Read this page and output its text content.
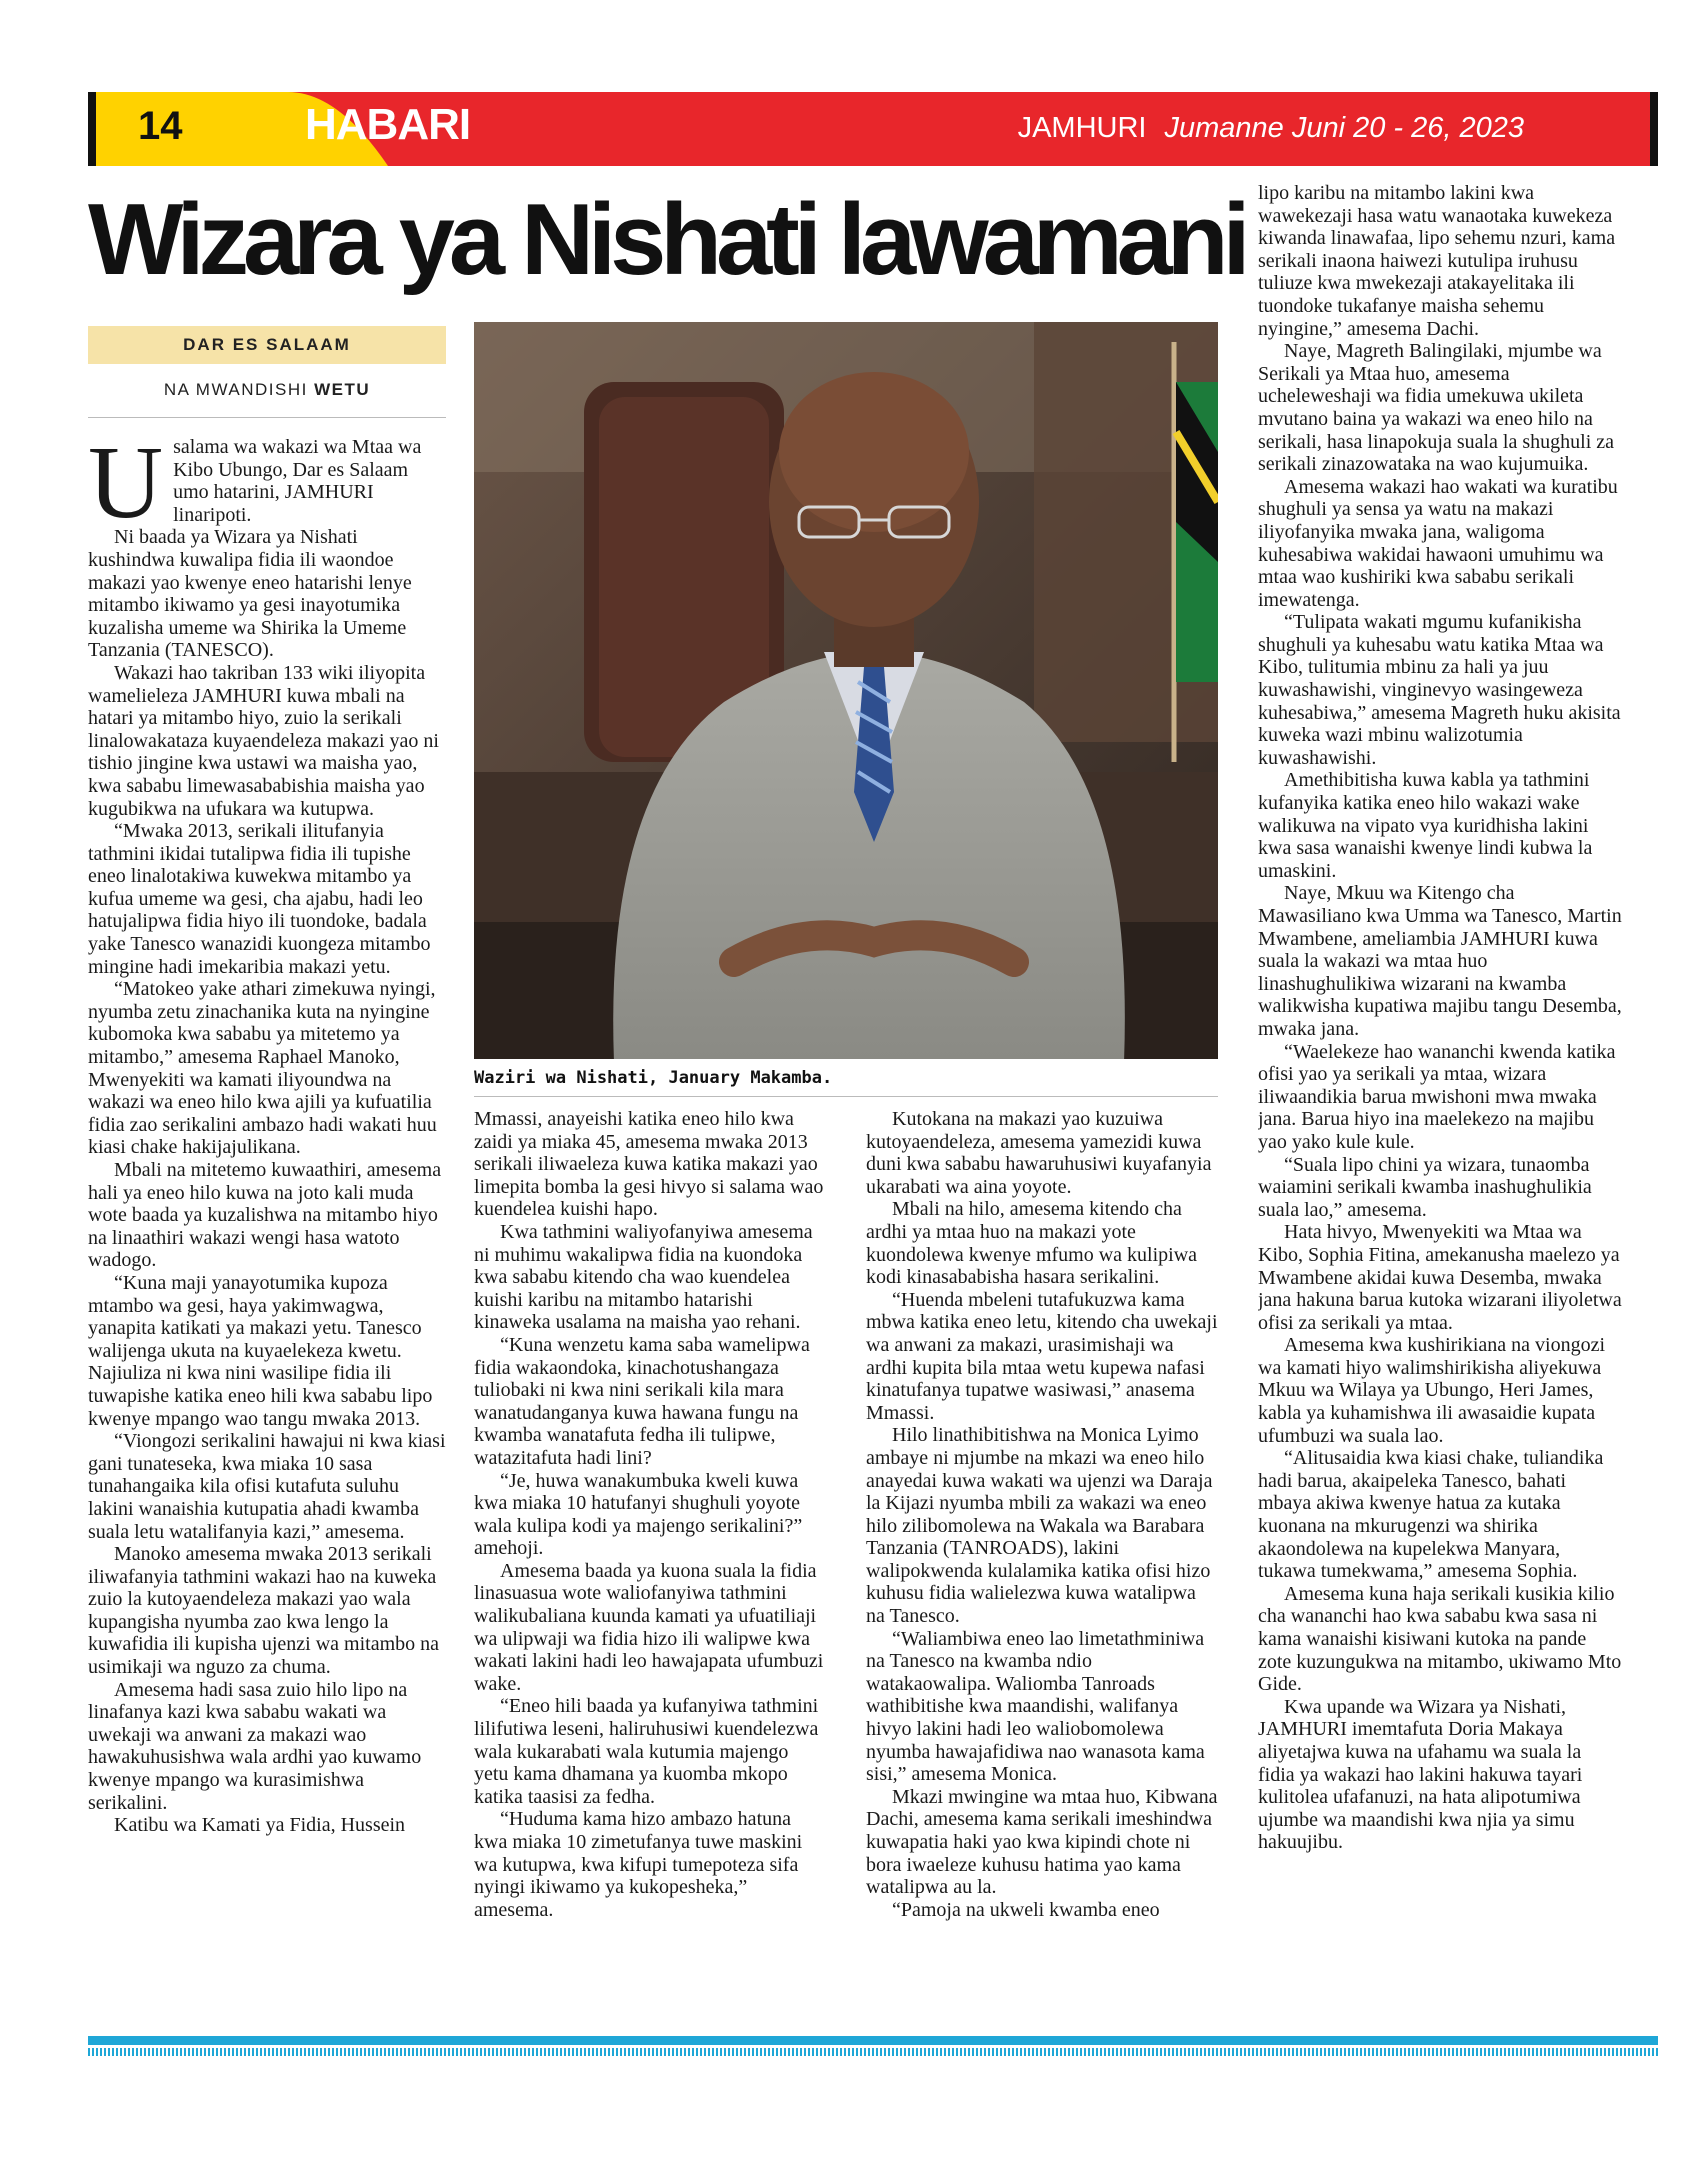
14	HABARI	JAMHURI Jumanne Juni 20 - 26, 2023
Wizara ya Nishati lawamani
DAR ES SALAAM
NA MWANDISHI WETU
U salama wa wakazi wa Mtaa wa Kibo Ubungo, Dar es Salaam umo hatarini, JAMHURI linaripoti.

Ni baada ya Wizara ya Nishati kushindwa kuwalipa fidia ili waondoe makazi yao kwenye eneo hatarishi lenye mitambo ikiwamo ya gesi inayotumika kuzalisha umeme wa Shirika la Umeme Tanzania (TANESCO).

Wakazi hao takriban 133 wiki iliyopita wamelieleza JAMHURI kuwa mbali na hatari ya mitambo hiyo, zuio la serikali linalowakataza kuyaendeleza makazi yao ni tishio jingine kwa ustawi wa maisha yao, kwa sababu limewasababishia maisha yao kugubikwa na ufukara wa kutupwa.

“Mwaka 2013, serikali ilitufanyia tathmini ikidai tutalipwa fidia ili tupishe eneo linalotakiwa kuwekwa mitambo ya kufua umeme wa gesi, cha ajabu, hadi leo hatujalipwa fidia hiyo ili tuondoke, badala yake Tanesco wanazidi kuongeza mitambo mingine hadi imekaribia makazi yetu.

“Matokeo yake athari zimekuwa nyingi, nyumba zetu zinachanika kuta na nyingine kubomoka kwa sababu ya mitetemo ya mitambo,” amesema Raphael Manoko, Mwenyekiti wa kamati iliyoundwa na wakazi wa eneo hilo kwa ajili ya kufuatilia fidia zao serikalini ambazo hadi wakati huu kiasi chake hakijajulikana.

Mbali na mitetemo kuwaathiri, amesema hali ya eneo hilo kuwa na joto kali muda wote baada ya kuzalishwa na mitambo hiyo na linaathiri wakazi wengi hasa watoto wadogo.

“Kuna maji yanayotumika kupoza mtambo wa gesi, haya yakimwagwa, yanapita katikati ya makazi yetu. Tanesco walijenga ukuta na kuyaelekeza kwetu. Najiuliza ni kwa nini wasilipe fidia ili tuwapishe katika eneo hili kwa sababu lipo kwenye mpango wao tangu mwaka 2013.

“Viongozi serikalini hawajui ni kwa kiasi gani tunateseka, kwa miaka 10 sasa tunahangaika kila ofisi kutafuta suluhu lakini wanaishia kutupatia ahadi kwamba suala letu watalifanyia kazi,” amesema.

Manoko amesema mwaka 2013 serikali iliwafanyia tathmini wakazi hao na kuweka zuio la kutoyaendeleza makazi yao wala kupangisha nyumba zao kwa lengo la kuwafidia ili kupisha ujenzi wa mitambo na usimikaji wa nguzo za chuma.

Amesema hadi sasa zuio hilo lipo na linafanya kazi kwa sababu wakati wa uwekaji wa anwani za makazi wao hawakuhusishwa wala ardhi yao kuwamo kwenye mpango wa kurasimishwa serikalini.

Katibu wa Kamati ya Fidia, Hussein

Waziri wa Nishati, January Makamba.

Mmassi, anayeishi katika eneo hilo kwa zaidi ya miaka 45, amesema mwaka 2013 serikali iliwaeleza kuwa katika makazi yao limepita bomba la gesi hivyo si salama wao kuendelea kuishi hapo.

Kwa tathmini waliyofanyiwa amesema ni muhimu wakalipwa fidia na kuondoka kwa sababu kitendo cha wao kuendelea kuishi karibu na mitambo hatarishi kinaweka usalama na maisha yao rehani.

“Kuna wenzetu kama saba wamelipwa fidia wakaondoka, kinachotushangaza tuliobaki ni kwa nini serikali kila mara wanatudanganya kuwa hawana fungu na kwamba wanatafuta fedha ili tulipwe, watazitafuta hadi lini?

“Je, huwa wanakumbuka kweli kuwa kwa miaka 10 hatufanyi shughuli yoyote wala kulipa kodi ya majengo serikalini?” amehoji.

Amesema baada ya kuona suala la fidia linasuasua wote waliofanyiwa tathmini walikubaliana kuunda kamati ya ufuatiliaji wa ulipwaji wa fidia hizo ili walipwe kwa wakati lakini hadi leo hawajapata ufumbuzi wake.

“Eneo hili baada ya kufanyiwa tathmini lilifutiwa leseni, haliruhusiwi kuendelezwa wala kukarabati wala kutumia majengo yetu kama dhamana ya kuomba mkopo katika taasisi za fedha.

“Huduma kama hizo ambazo hatuna kwa miaka 10 zimetufanya tuwe maskini wa kutupwa, kwa kifupi tumepoteza sifa nyingi ikiwamo ya kukopesheka,” amesema.

Kutokana na makazi yao kuzuiwa kutoyaendeleza, amesema yamezidi kuwa duni kwa sababu hawaruhusiwi kuyafanyia ukarabati wa aina yoyote.

Mbali na hilo, amesema kitendo cha ardhi ya mtaa huo na makazi yote kuondolewa kwenye mfumo wa kulipiwa kodi kinasababisha hasara serikalini.

“Huenda mbeleni tutafukuzwa kama mbwa katika eneo letu, kitendo cha uwekaji wa anwani za makazi, urasimishaji wa ardhi kupita bila mtaa wetu kupewa nafasi kinatufanya tupatwe wasiwasi,” anasema Mmassi.

Hilo linathibitishwa na Monica Lyimo ambaye ni mjumbe na mkazi wa eneo hilo anayedai kuwa wakati wa ujenzi wa Daraja la Kijazi nyumba mbili za wakazi wa eneo hilo zilibomolewa na Wakala wa Barabara Tanzania (TANROADS), lakini walipokwenda kulalamika katika ofisi hizo kuhusu fidia walielezwa kuwa watalipwa na Tanesco.

“Waliambiwa eneo lao limetathminiwa na Tanesco na kwamba ndio watakaowalipa. Waliomba Tanroads wathibitishe kwa maandishi, walifanya hivyo lakini hadi leo waliobomolewa nyumba hawajafidiwa nao wanasota kama sisi,” amesema Monica.

Mkazi mwingine wa mtaa huo, Kibwana Dachi, amesema kama serikali imeshindwa kuwapatia haki yao kwa kipindi chote ni bora iwaeleze kuhusu hatima yao kama watalipwa au la.

“Pamoja na ukweli kwamba eneo

lipo karibu na mitambo lakini kwa wawekezaji hasa watu wanaotaka kuwekeza kiwanda linawafaa, lipo sehemu nzuri, kama serikali inaona haiwezi kutulipa iruhusu tuliuze kwa mwekezaji atakayelitaka ili tuondoke tukafanye maisha sehemu nyingine,” amesema Dachi.

Naye, Magreth Balingilaki, mjumbe wa Serikali ya Mtaa huo, amesema ucheleweshaji wa fidia umekuwa ukileta mvutano baina ya wakazi wa eneo hilo na serikali, hasa linapokuja suala la shughuli za serikali zinazowataka na wao kujumuika.

Amesema wakazi hao wakati wa kuratibu shughuli ya sensa ya watu na makazi iliyofanyika mwaka jana, waligoma kuhesabiwa wakidai hawaoni umuhimu wa mtaa wao kushiriki kwa sababu serikali imewatenga.

“Tulipata wakati mgumu kufanikisha shughuli ya kuhesabu watu katika Mtaa wa Kibo, tulitumia mbinu za hali ya juu kuwashawishi, vinginevyo wasingeweza kuhesabiwa,” amesema Magreth huku akisita kuweka wazi mbinu walizotumia kuwashawishi.

Amethibitisha kuwa kabla ya tathmini kufanyika katika eneo hilo wakazi wake walikuwa na vipato vya kuridhisha lakini kwa sasa wanaishi kwenye lindi kubwa la umaskini.

Naye, Mkuu wa Kitengo cha Mawasiliano kwa Umma wa Tanesco, Martin Mwambene, ameliambia JAMHURI kuwa suala la wakazi wa mtaa huo linashughulikiwa wizarani na kwamba walikwisha kupatiwa majibu tangu Desemba, mwaka jana.

“Waelekeze hao wananchi kwenda katika ofisi yao ya serikali ya mtaa, wizara iliwaandikia barua mwishoni mwa mwaka jana. Barua hiyo ina maelekezo na majibu yao yako kule kule.

“Suala lipo chini ya wizara, tunaomba waiamini serikali kwamba inashughulikia suala lao,” amesema.

Hata hivyo, Mwenyekiti wa Mtaa wa Kibo, Sophia Fitina, amekanusha maelezo ya Mwambene akidai kuwa Desemba, mwaka jana hakuna barua kutoka wizarani iliyoletwa ofisi za serikali ya mtaa.

Amesema kwa kushirikiana na viongozi wa kamati hiyo walimshirikisha aliyekuwa Mkuu wa Wilaya ya Ubungo, Heri James, kabla ya kuhamishwa ili awasaidie kupata ufumbuzi wa suala lao.

“Alitusaidia kwa kiasi chake, tuliandika hadi barua, akaipeleka Tanesco, bahati mbaya akiwa kwenye hatua za kutaka kuonana na mkurugenzi wa shirika akaondolewa na kupelekwa Manyara, tukawa tumekwama,” amesema Sophia.

Amesema kuna haja serikali kusikia kilio cha wananchi hao kwa sababu kwa sasa ni kama wanaishi kisiwani kutoka na pande zote kuzungukwa na mitambo, ukiwamo Mto Gide.

Kwa upande wa Wizara ya Nishati, JAMHURI imemtafuta Doria Makaya aliyetajwa kuwa na ufahamu wa suala la fidia ya wakazi hao lakini hakuwa tayari kulitolea ufafanuzi, na hata alipotumiwa ujumbe wa maandishi kwa njia ya simu hakuujibu.
